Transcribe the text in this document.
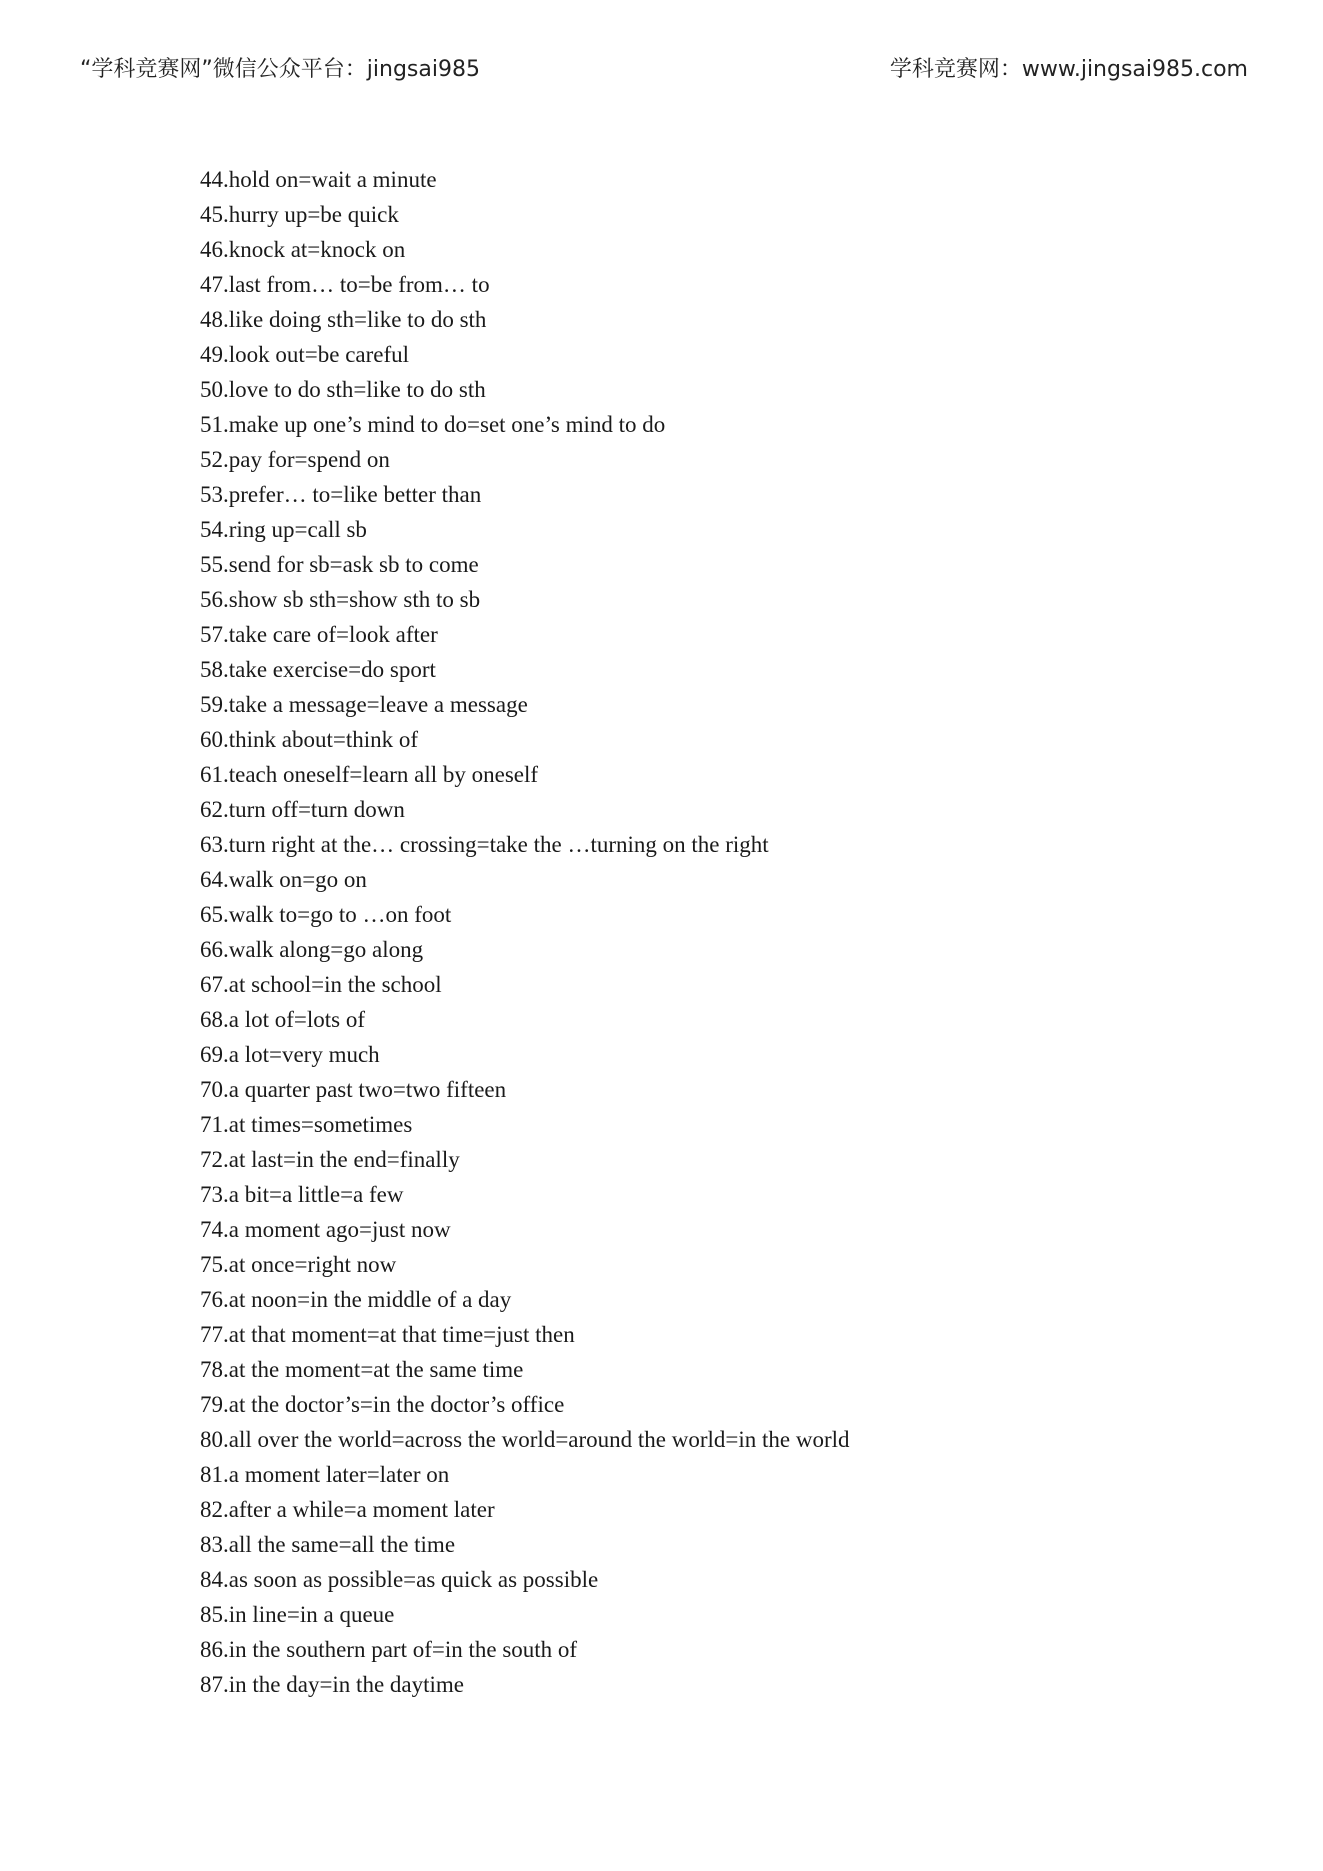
“学科竞赛网”微信公众平台：jingsai985	学科竞赛网：www.jingsai985.com
44.hold on=wait a minute
45.hurry up=be quick
46.knock at=knock on
47.last from… to=be from… to
48.like doing sth=like to do sth
49.look out=be careful
50.love to do sth=like to do sth
51.make up one’s mind to do=set one’s mind to do
52.pay for=spend on
53.prefer… to=like better than
54.ring up=call sb
55.send for sb=ask sb to come
56.show sb sth=show sth to sb
57.take care of=look after
58.take exercise=do sport
59.take a message=leave a message
60.think about=think of
61.teach oneself=learn all by oneself
62.turn off=turn down
63.turn right at the… crossing=take the …turning on the right
64.walk on=go on
65.walk to=go to …on foot
66.walk along=go along
67.at school=in the school
68.a lot of=lots of
69.a lot=very much
70.a quarter past two=two fifteen
71.at times=sometimes
72.at last=in the end=finally
73.a bit=a little=a few
74.a moment ago=just now
75.at once=right now
76.at noon=in the middle of a day
77.at that moment=at that time=just then
78.at the moment=at the same time
79.at the doctor’s=in the doctor’s office
80.all over the world=across the world=around the world=in the world
81.a moment later=later on
82.after a while=a moment later
83.all the same=all the time
84.as soon as possible=as quick as possible
85.in line=in a queue
86.in the southern part of=in the south of
87.in the day=in the daytime
